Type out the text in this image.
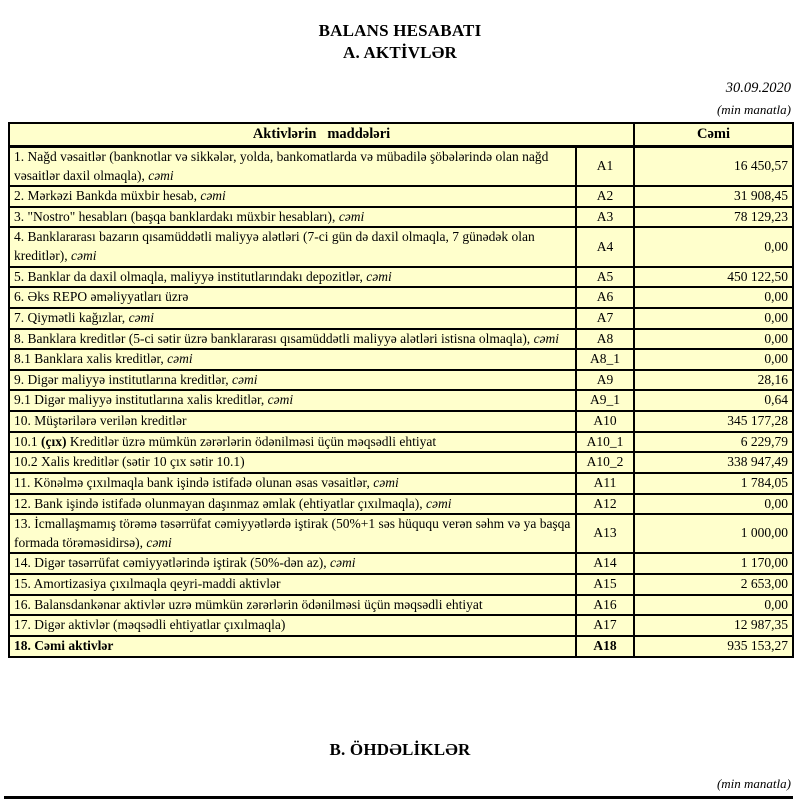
BALANS HESABATI
A. AKTİVLƏR
30.09.2020
(min manatla)
Aktivlərin   maddələri		Cəmi
1. Nağd vəsaitlər (banknotlar və sikkələr, yolda, bankomatlarda və mübadilə şöbələrində olan nağd vəsaitlər daxil olmaqla), cəmi	A1	16 450,57
2. Mərkəzi Bankda müxbir hesab, cəmi	A2	31 908,45
3. "Nostro" hesabları (başqa banklardakı müxbir hesabları), cəmi	A3	78 129,23
4. Banklararası bazarın qısamüddətli maliyyə alətləri (7-ci gün də daxil olmaqla, 7 günədək olan kreditlər), cəmi	A4	0,00
5. Banklar da daxil olmaqla, maliyyə institutlarındakı depozitlər, cəmi	A5	450 122,50
6. Əks REPO əməliyyatları üzrə	A6	0,00
7. Qiymətli kağızlar, cəmi	A7	0,00
8. Banklara kreditlər (5-ci sətir üzrə banklararası qısamüddətli maliyyə alətləri istisna olmaqla), cəmi	A8	0,00
8.1 Banklara xalis kreditlər, cəmi	A8_1	0,00
9. Digər maliyyə institutlarına kreditlər, cəmi	A9	28,16
9.1 Digər maliyyə institutlarına xalis kreditlər, cəmi	A9_1	0,64
10. Müştərilərə verilən kreditlər	A10	345 177,28
10.1 (çıx) Kreditlər üzrə mümkün zərərlərin ödənilməsi üçün məqsədli ehtiyat	A10_1	6 229,79
10.2 Xalis kreditlər (sətir 10 çıx sətir 10.1)	A10_2	338 947,49
11. Könəlmə çıxılmaqla bank işində istifadə olunan əsas vəsaitlər, cəmi	A11	1 784,05
12. Bank işində istifadə olunmayan daşınmaz əmlak (ehtiyatlar çıxılmaqla), cəmi	A12	0,00
13. İcmallaşmamış törəmə təsərrüfat cəmiyyətlərdə iştirak (50%+1 səs hüququ verən səhm və ya başqa formada törəməsidirsə), cəmi	A13	1 000,00
14. Digər təsərrüfat cəmiyyətlərində iştirak (50%-dən az), cəmi	A14	1 170,00
15. Amortizasiya çıxılmaqla qeyri-maddi aktivlər	A15	2 653,00
16. Balansdankənar aktivlər uzrə mümkün zərərlərin ödənilməsi üçün məqsədli ehtiyat	A16	0,00
17. Digər aktivlər (məqsədli ehtiyatlar çıxılmaqla)	A17	12 987,35
18. Cəmi aktivlər	A18	935 153,27
B. ÖHDƏLİKLƏR
(min manatla)
